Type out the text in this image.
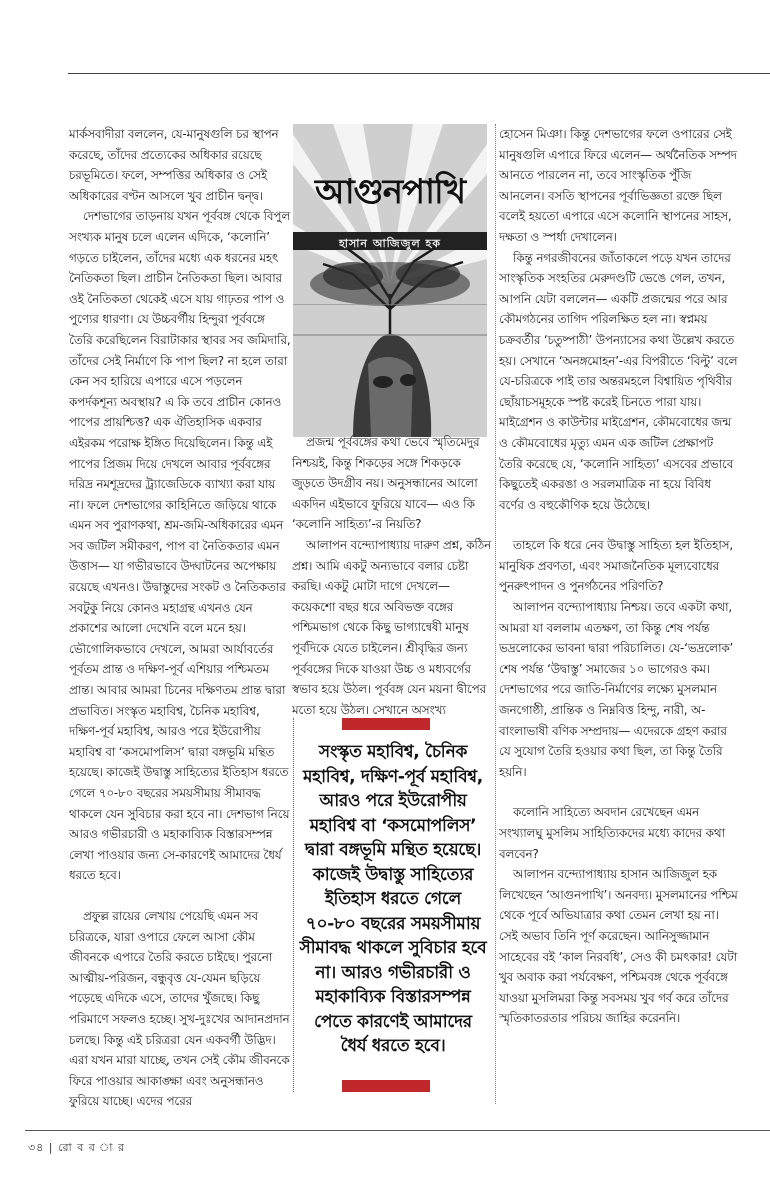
মার্কসবাদীরা বললেন, যে-মানুষগুলি চর স্থাপন করেছে, তাঁদের প্রত্যেকের অধিকার রয়েছে চরভূমিতে। ফলে, সম্পত্তির অধিকার ও সেই অধিকারের বণ্টন আসলে খুব প্রাচীন দ্বন্দ্ব।

দেশভাগের তাড়নায় যখন পূর্ববঙ্গ থেকে বিপুল সংখ্যক মানুষ চলে এলেন এদিকে, ‘কলোনি’ গড়তে চাইলেন, তাঁদের মধ্যে এক ধরনের মহৎ নৈতিকতা ছিল। প্রাচীন নৈতিকতা ছিল। আবার ওই নৈতিকতা থেকেই এসে যায় গাঢ়তর পাপ ও পুণ্যের ধারণা। যে উচ্চবর্গীয় হিন্দুরা পূর্ববঙ্গে তৈরি করেছিলেন বিরাটাকার স্থাবর সব জমিদারি, তাঁদের সেই নির্মাণে কি পাপ ছিল? না হলে তারা কেন সব হারিয়ে এপারে এসে পড়লেন কপর্দকশূন্য অবস্থায়? এ কি তবে প্রাচীন কোনও পাপের প্রায়শ্চিত্ত? এক ঐতিহাসিক একবার এইরকম পরোক্ষ ইঙ্গিত দিয়েছিলেন। কিন্তু এই পাপের প্রিজম দিয়ে দেখলে আবার পূর্ববঙ্গের দরিদ্র নমশূদ্রদের ট্র্যাজেডিকে ব্যাখ্যা করা যায় না। ফলে দেশভাগের কাহিনিতে জড়িয়ে থাকে এমন সব পুরাণকথা, শ্রম-জমি-অধিকারের এমন সব জটিল সমীকরণ, পাপ বা নৈতিকতার এমন উত্তাস— যা গভীরভাবে উদ্ঘাটনের অপেক্ষায় রয়েছে এখনও। উদ্বাস্তুদের সংকট ও নৈতিকতার সবটুকু নিয়ে কোনও মহাগ্রন্থ এখনও যেন প্রকাশের আলো দেখেনি বলে মনে হয়। ভৌগোলিকভাবে দেখলে, আমরা আর্যাবর্তের পূর্বতম প্রান্ত ও দক্ষিণ-পূর্ব এশিয়ার পশ্চিমতম প্রান্ত। আবার আমরা চিনের দক্ষিণতম প্রান্ত দ্বারা প্রভাবিত। সংস্কৃত মহাবিশ্ব, চৈনিক মহাবিশ্ব, দক্ষিণ-পূর্ব মহাবিশ্ব, আরও পরে ইউরোপীয় মহাবিশ্ব বা ‘কসমোপলিস’ দ্বারা বঙ্গভূমি মন্থিত হয়েছে। কাজেই উদ্বাস্তু সাহিত্যের ইতিহাস ধরতে গেলে ৭০-৮০ বছরের সময়সীমায় সীমাবদ্ধ থাকলে যেন সুবিচার করা হবে না। দেশভাগ নিয়ে আরও গভীরচারী ও মহাকাব্যিক বিস্তারসম্পন্ন লেখা পাওয়ার জন্য সে-কারণেই আমাদের ধৈর্য ধরতে হবে।

প্রফুল্ল রায়ের লেখায় পেয়েছি এমন সব চরিত্রকে, যারা ওপারে ফেলে আসা কৌম জীবনকে এপারে তৈরি করতে চাইছে। পুরনো আত্মীয়-পরিজন, বন্ধুবৃত্ত যে-যেমন ছড়িয়ে পড়েছে এদিকে এসে, তাদের খুঁজছে। কিছু পরিমাণে সফলও হচ্ছে। সুখ-দুঃখের আদানপ্রদান চলছে। কিন্তু এই চরিত্ররা যেন একবর্গী উদ্ভিদ। এরা যখন মারা যাচ্ছে, তখন সেই কৌম জীবনকে ফিরে পাওয়ার আকাঙ্ক্ষা এবং অনুসন্ধানও ফুরিয়ে যাচ্ছে। এদের পরের

আগুনপাখি
হাসান আজিজুল হক

প্রজন্ম পূর্ববঙ্গের কথা ভেবে স্মৃতিমেদুর নিশ্চয়ই, কিন্তু শিকড়ের সঙ্গে শিকড়কে জুড়তে উদগ্রীব নয়। অনুসন্ধানের আলো একদিন এইভাবে ফুরিয়ে যাবে— এও কি ‘কলোনি সাহিত্য’-র নিয়তি?

আলাপন বন্দ্যোপাধ্যায় দারুণ প্রশ্ন, কঠিন প্রশ্ন। আমি একটু অন্যভাবে বলার চেষ্টা করছি। একটু মোটা দাগে দেখলে— কয়েকশো বছর ধরে অবিভক্ত বঙ্গের পশ্চিমভাগ থেকে কিছু ভাগ্যান্বেষী মানুষ পূর্বদিকে যেতে চাইলেন। শ্রীবৃদ্ধির জন্য পূর্ববঙ্গের দিকে যাওয়া উচ্চ ও মধ্যবর্গের স্বভাব হয়ে উঠল। পূর্ববঙ্গ যেন ময়না দ্বীপের মতো হয়ে উঠল। সেখানে অসংখ্য

সংস্কৃত মহাবিশ্ব, চৈনিক মহাবিশ্ব, দক্ষিণ-পূর্ব মহাবিশ্ব, আরও পরে ইউরোপীয় মহাবিশ্ব বা ‘কসমোপলিস’ দ্বারা বঙ্গভূমি মন্থিত হয়েছে। কাজেই উদ্বাস্তু সাহিত্যের ইতিহাস ধরতে গেলে ৭০-৮০ বছরের সময়সীমায় সীমাবদ্ধ থাকলে সুবিচার হবে না। আরও গভীরচারী ও মহাকাব্যিক বিস্তারসম্পন্ন পেতে কারণেই আমাদের ধৈর্য ধরতে হবে।

হোসেন মিঞা। কিন্তু দেশভাগের ফলে ওপারের সেই মানুষগুলি এপারে ফিরে এলেন— অর্থনৈতিক সম্পদ আনতে পারলেন না, তবে সাংস্কৃতিক পুঁজি আনলেন। বসতি স্থাপনের পূর্বাভিজ্ঞতা রক্তে ছিল বলেই হয়তো এপারে এসে কলোনি স্থাপনের সাহস, দক্ষতা ও স্পর্ধা দেখালেন।

কিন্তু নগরজীবনের জাঁতাকলে পড়ে যখন তাদের সাংস্কৃতিক সংহতির মেরুদণ্ডটি ভেঙে গেল, তখন, আপনি যেটা বললেন— একটি প্রজন্মের পরে আর কৌমগঠনের তাগিদ পরিলক্ষিত হল না। স্বপ্নময় চক্রবর্তীর ‘চতুষ্পাঠী’ উপন্যাসের কথা উল্লেখ করতে হয়। সেখানে ‘অনঙ্গমোহন’-এর বিপরীতে ‘বিল্টু’ বলে যে-চরিত্রকে পাই তার অন্তরমহলে বিশ্বায়িত পৃথিবীর ছোঁয়াচসমূহকে স্পষ্ট করেই চিনতে পারা যায়। মাইগ্রেশন ও কাউন্টার মাইগ্রেশন, কৌমবোধের জন্ম ও কৌমবোধের মৃত্যু এমন এক জটিল প্রেক্ষাপট তৈরি করেছে যে, ‘কলোনি সাহিত্য’ এসবের প্রভাবে কিছুতেই একরঙা ও সরলমাত্রিক না হয়ে বিবিধ বর্ণের ও বহুকৌণিক হয়ে উঠেছে।

তাহলে কি ধরে নেব উদ্বাস্তু সাহিত্য হল ইতিহাস, মানুষিক প্রবণতা, এবং সমাজনৈতিক মূল্যবোধের পুনরুৎপাদন ও পুনর্গঠনের পরিণতি?

আলাপন বন্দ্যোপাধ্যায় নিশ্চয়। তবে একটা কথা, আমরা যা বললাম এতক্ষণ, তা কিন্তু শেষ পর্যন্ত ভদ্রলোকের ভাবনা দ্বারা পরিচালিত। যে-‘ভদ্রলোক’ শেষ পর্যন্ত ‘উদ্বাস্তু’ সমাজের ১০ ভাগেরও কম। দেশভাগের পরে জাতি-নির্মাণের লক্ষ্যে মুসলমান জনগোষ্ঠী, প্রান্তিক ও নিম্নবিত্ত হিন্দু, নারী, অ-বাংলাভাষী বণিক সম্প্রদায়— এদেরকে গ্রহণ করার যে সুযোগ তৈরি হওয়ার কথা ছিল, তা কিন্তু তৈরি হয়নি।

কলোনি সাহিত্যে অবদান রেখেছেন এমন সংখ্যালঘু মুসলিম সাহিত্যিকদের মধ্যে কাদের কথা বলবেন?

আলাপন বন্দ্যোপাধ্যায় হাসান আজিজুল হক লিখেছেন ‘আগুনপাখি’। অনবদ্য। মুসলমানের পশ্চিম থেকে পূর্বে অভিযাত্রার কথা তেমন লেখা হয় না। সেই অভাব তিনি পূর্ণ করেছেন। আনিসুজ্জামান সাহেবের বই ‘কাল নিরবধি’, সেও কী চমৎকার! যেটা খুব অবাক করা পর্যবেক্ষণ, পশ্চিমবঙ্গ থেকে পূর্ববঙ্গে যাওয়া মুসলিমরা কিন্তু সবসময় খুব গর্ব করে তাঁদের স্মৃতিকাতরতার পরিচয় জাহির করেননি।

৩৪ | রো ব ব া র
